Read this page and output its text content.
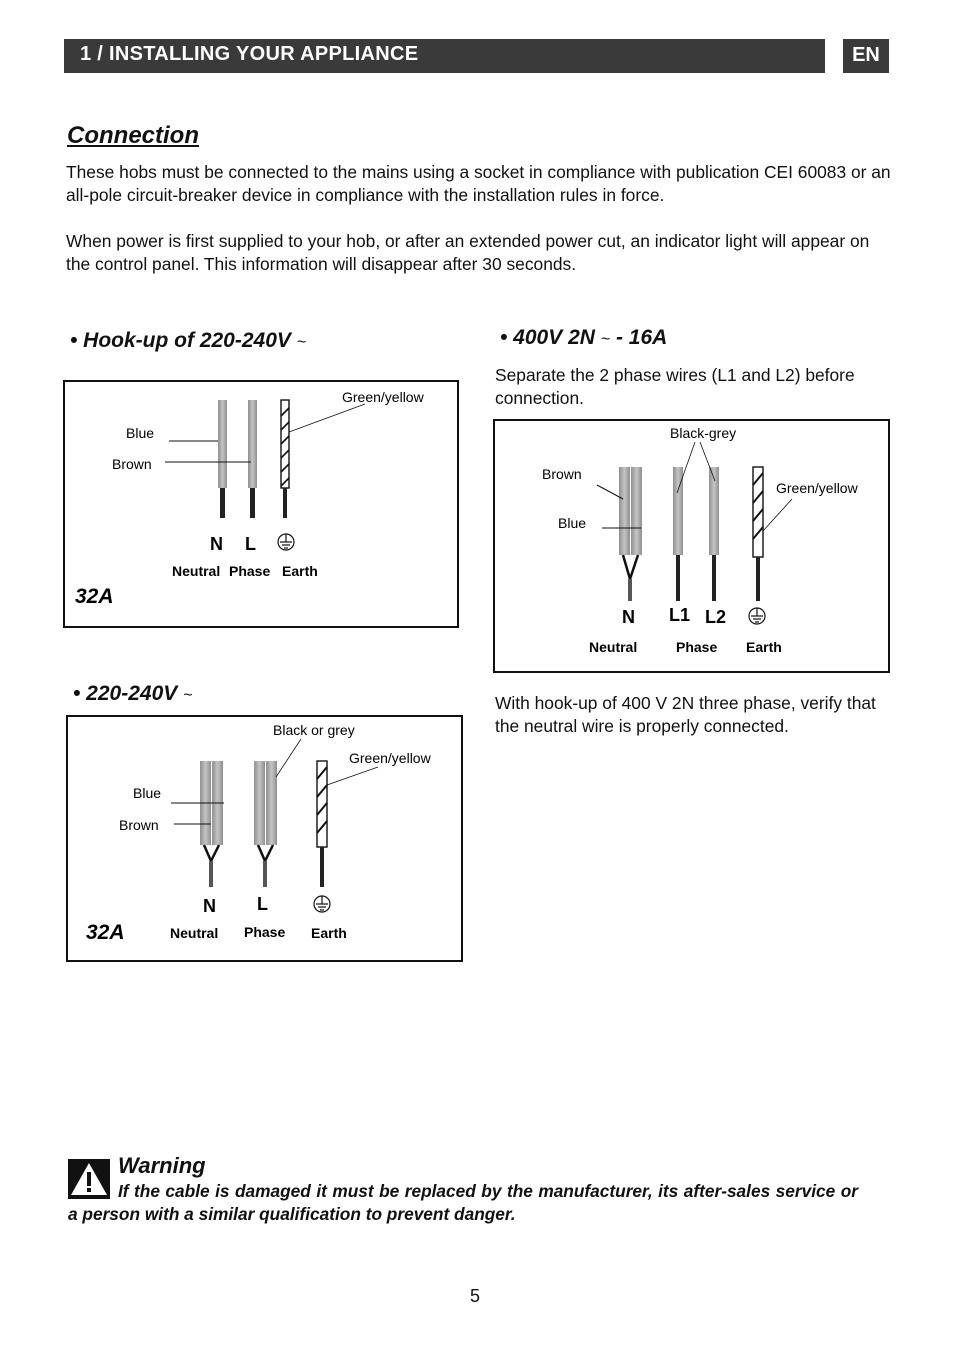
1 / INSTALLING YOUR APPLIANCE	EN
Connection
These hobs must be connected to the mains using a socket in compliance with publication CEI 60083 or an all-pole circuit-breaker device in compliance with the installation rules in force.
When power is first supplied to your hob, or after an extended power cut, an indicator light will appear on the control panel. This information will disappear after 30 seconds.
• Hook-up of 220-240V ~
Green/yellow
Blue
Brown
N L
Neutral Phase Earth
32A
• 220-240V ~
Black or grey
Green/yellow
Blue
Brown
N L
Neutral Phase Earth
32A
• 400V 2N ~ - 16A
Separate the 2 phase wires (L1 and L2) before connection.
Black-grey
Brown
Green/yellow
Blue
N L1 L2
Neutral	Phase Earth
With hook-up of 400 V 2N three phase, verify that the neutral wire is properly connected.
Warning
If the cable is damaged it must be replaced by the manufacturer, its after-sales service or a person with a similar qualification to prevent danger.
5
